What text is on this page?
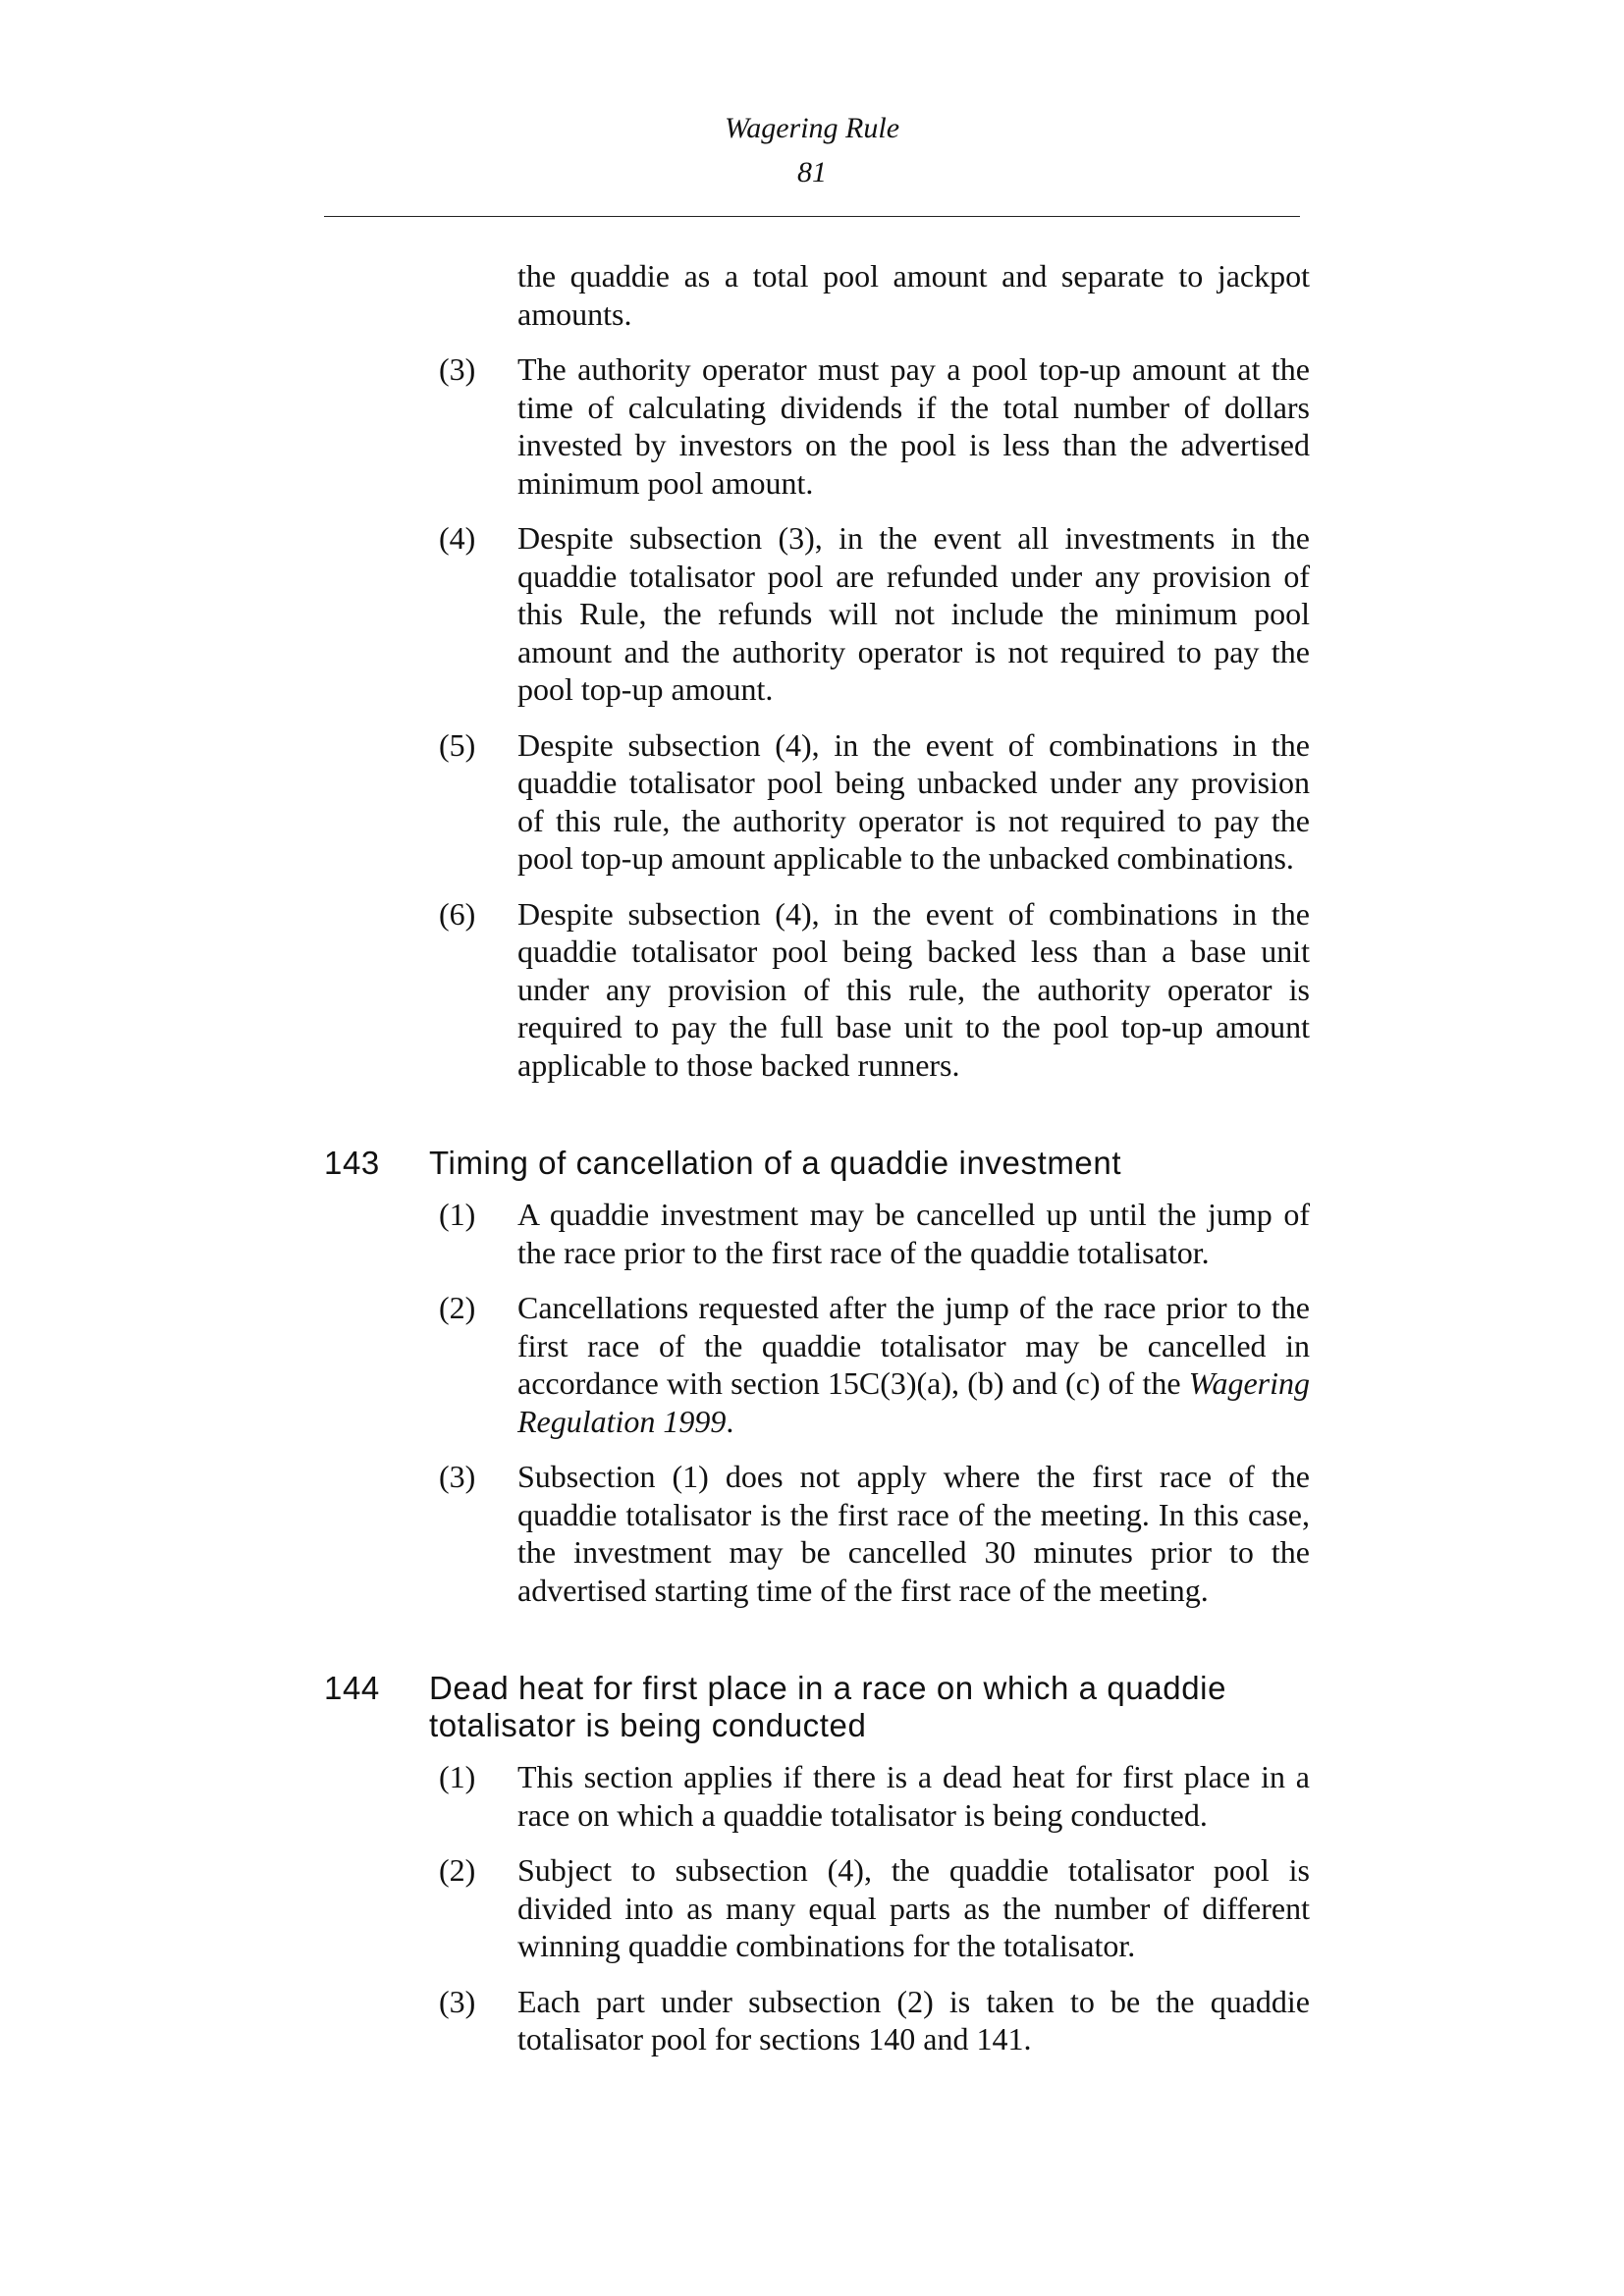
Wagering Rule
81
the quaddie as a total pool amount and separate to jackpot amounts.
(3)	The authority operator must pay a pool top-up amount at the time of calculating dividends if the total number of dollars invested by investors on the pool is less than the advertised minimum pool amount.
(4)	Despite subsection (3), in the event all investments in the quaddie totalisator pool are refunded under any provision of this Rule, the refunds will not include the minimum pool amount and the authority operator is not required to pay the pool top-up amount.
(5)	Despite subsection (4), in the event of combinations in the quaddie totalisator pool being unbacked under any provision of this rule, the authority operator is not required to pay the pool top-up amount applicable to the unbacked combinations.
(6)	Despite subsection (4), in the event of combinations in the quaddie totalisator pool being backed less than a base unit under any provision of this rule, the authority operator is required to pay the full base unit to the pool top-up amount applicable to those backed runners.
143 Timing of cancellation of a quaddie investment
(1)	A quaddie investment may be cancelled up until the jump of the race prior to the first race of the quaddie totalisator.
(2)	Cancellations requested after the jump of the race prior to the first race of the quaddie totalisator may be cancelled in accordance with section 15C(3)(a), (b) and (c) of the Wagering Regulation 1999.
(3)	Subsection (1) does not apply where the first race of the quaddie totalisator is the first race of the meeting. In this case, the investment may be cancelled 30 minutes prior to the advertised starting time of the first race of the meeting.
144 Dead heat for first place in a race on which a quaddie totalisator is being conducted
(1)	This section applies if there is a dead heat for first place in a race on which a quaddie totalisator is being conducted.
(2)	Subject to subsection (4), the quaddie totalisator pool is divided into as many equal parts as the number of different winning quaddie combinations for the totalisator.
(3)	Each part under subsection (2) is taken to be the quaddie totalisator pool for sections 140 and 141.
